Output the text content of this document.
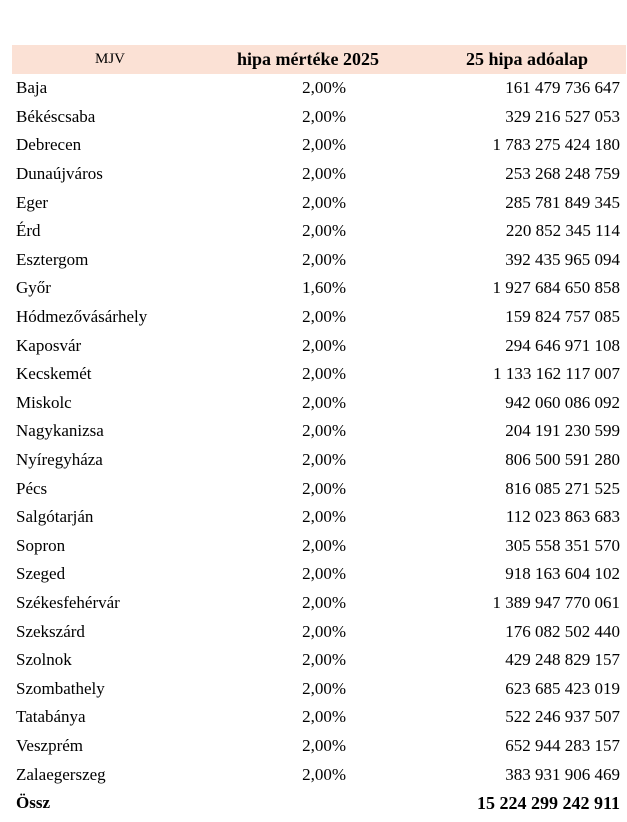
MJV	hipa mértéke 2025	25 hipa adóalap
Baja	2,00%	161 479 736 647
Békéscsaba	2,00%	329 216 527 053
Debrecen	2,00%	1 783 275 424 180
Dunaújváros	2,00%	253 268 248 759
Eger	2,00%	285 781 849 345
Érd	2,00%	220 852 345 114
Esztergom	2,00%	392 435 965 094
Győr	1,60%	1 927 684 650 858
Hódmezővásárhely	2,00%	159 824 757 085
Kaposvár	2,00%	294 646 971 108
Kecskemét	2,00%	1 133 162 117 007
Miskolc	2,00%	942 060 086 092
Nagykanizsa	2,00%	204 191 230 599
Nyíregyháza	2,00%	806 500 591 280
Pécs	2,00%	816 085 271 525
Salgótarján	2,00%	112 023 863 683
Sopron	2,00%	305 558 351 570
Szeged	2,00%	918 163 604 102
Székesfehérvár	2,00%	1 389 947 770 061
Szekszárd	2,00%	176 082 502 440
Szolnok	2,00%	429 248 829 157
Szombathely	2,00%	623 685 423 019
Tatabánya	2,00%	522 246 937 507
Veszprém	2,00%	652 944 283 157
Zalaegerszeg	2,00%	383 931 906 469
Össz		15 224 299 242 911
